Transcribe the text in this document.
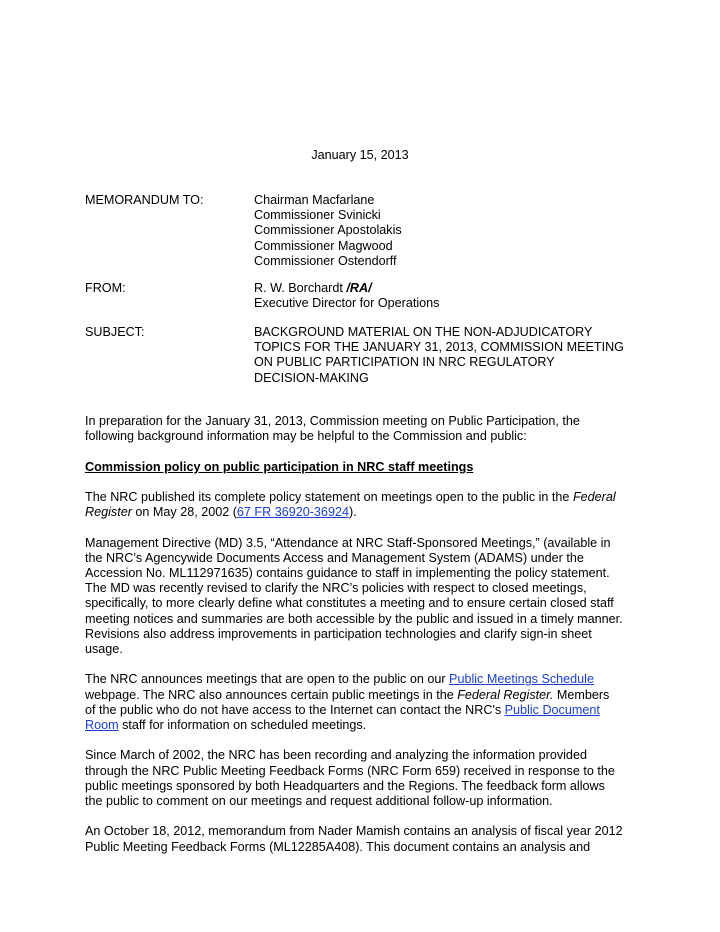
January 15, 2013
MEMORANDUM TO:	Chairman Macfarlane
Commissioner Svinicki
Commissioner Apostolakis
Commissioner Magwood
Commissioner Ostendorff
FROM:	R. W. Borchardt /RA/
Executive Director for Operations
SUBJECT:	BACKGROUND MATERIAL ON THE NON-ADJUDICATORY
TOPICS FOR THE JANUARY 31, 2013, COMMISSION MEETING
ON PUBLIC PARTICIPATION IN NRC REGULATORY
DECISION-MAKING

In preparation for the January 31, 2013, Commission meeting on Public Participation, the
following background information may be helpful to the Commission and public:

Commission policy on public participation in NRC staff meetings

The NRC published its complete policy statement on meetings open to the public in the Federal
Register on May 28, 2002 (67 FR 36920-36924).

Management Directive (MD) 3.5, “Attendance at NRC Staff-Sponsored Meetings,” (available in
the NRC’s Agencywide Documents Access and Management System (ADAMS) under the
Accession No. ML112971635) contains guidance to staff in implementing the policy statement.
The MD was recently revised to clarify the NRC’s policies with respect to closed meetings,
specifically, to more clearly define what constitutes a meeting and to ensure certain closed staff
meeting notices and summaries are both accessible by the public and issued in a timely manner.
Revisions also address improvements in participation technologies and clarify sign-in sheet
usage.

The NRC announces meetings that are open to the public on our Public Meetings Schedule
webpage. The NRC also announces certain public meetings in the Federal Register. Members
of the public who do not have access to the Internet can contact the NRC's Public Document
Room staff for information on scheduled meetings.

Since March of 2002, the NRC has been recording and analyzing the information provided
through the NRC Public Meeting Feedback Forms (NRC Form 659) received in response to the
public meetings sponsored by both Headquarters and the Regions. The feedback form allows
the public to comment on our meetings and request additional follow-up information.

An October 18, 2012, memorandum from Nader Mamish contains an analysis of fiscal year 2012
Public Meeting Feedback Forms (ML12285A408). This document contains an analysis and
